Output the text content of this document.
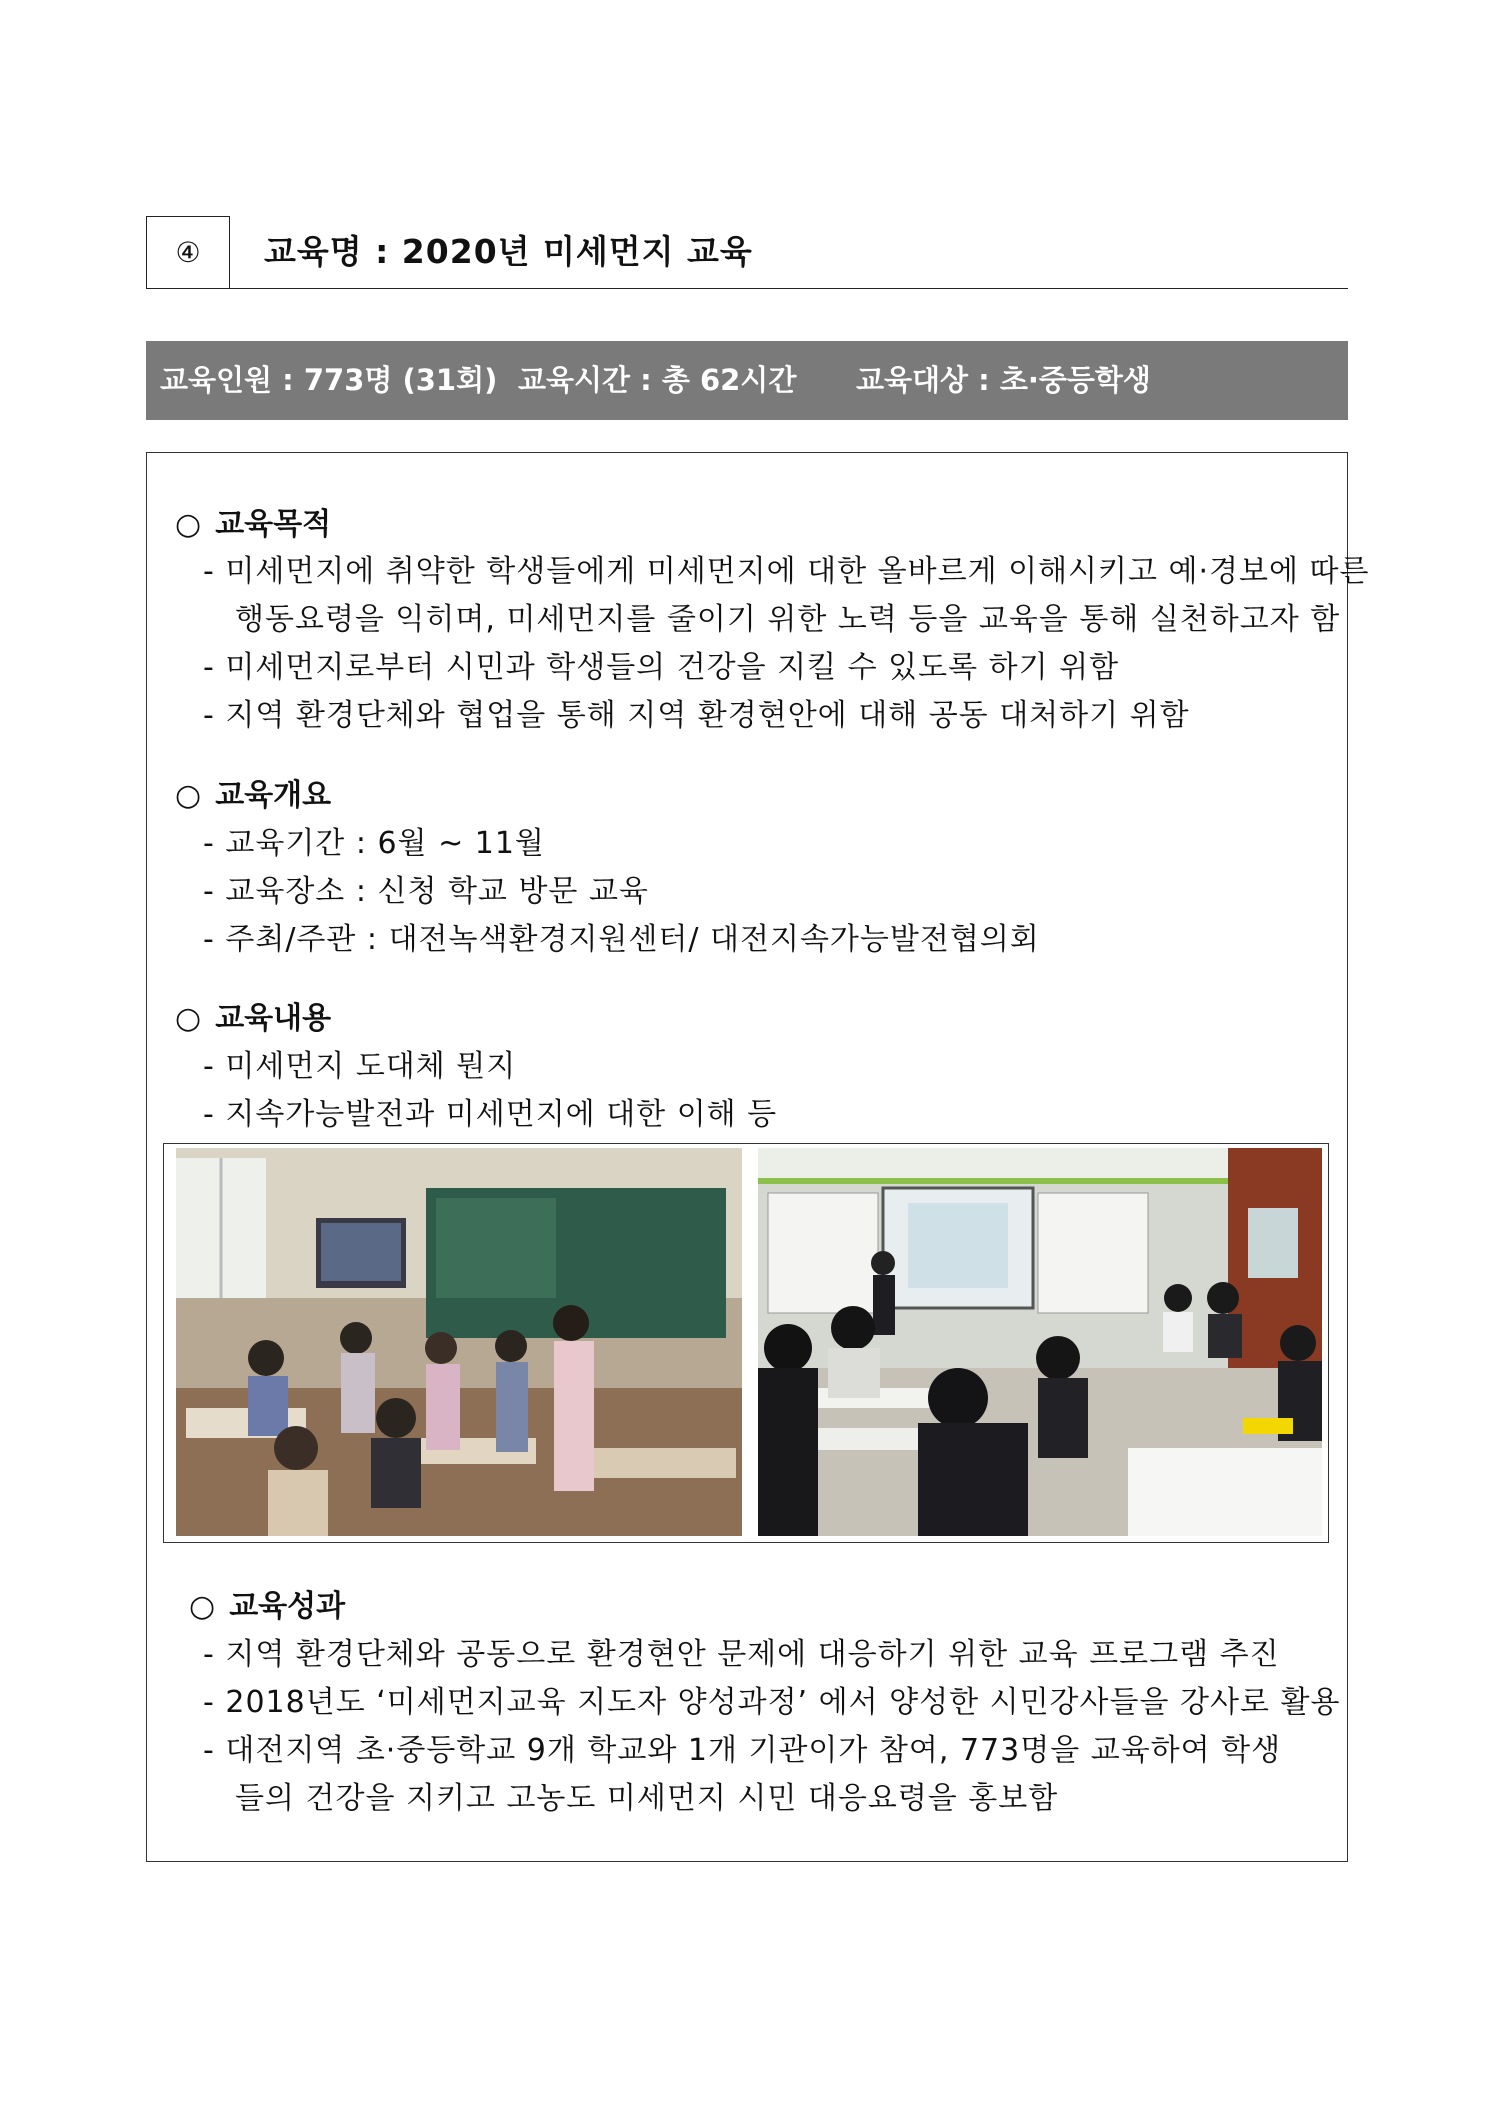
④	교육명 : 2020년 미세먼지 교육
교육인원 : 773명 (31회) 교육시간 : 총 62시간 교육대상 : 초·중등학생
○ 교육목적
- 미세먼지에 취약한 학생들에게 미세먼지에 대한 올바르게 이해시키고 예·경보에 따른
행동요령을 익히며, 미세먼지를 줄이기 위한 노력 등을 교육을 통해 실천하고자 함
- 미세먼지로부터 시민과 학생들의 건강을 지킬 수 있도록 하기 위함
- 지역 환경단체와 협업을 통해 지역 환경현안에 대해 공동 대처하기 위함
○ 교육개요
- 교육기간 : 6월 ~ 11월
- 교육장소 : 신청 학교 방문 교육
- 주최/주관 : 대전녹색환경지원센터/ 대전지속가능발전협의회
○ 교육내용
- 미세먼지 도대체 뭔지
- 지속가능발전과 미세먼지에 대한 이해 등
○ 교육성과
- 지역 환경단체와 공동으로 환경현안 문제에 대응하기 위한 교육 프로그램 추진
- 2018년도 ‘미세먼지교육 지도자 양성과정’ 에서 양성한 시민강사들을 강사로 활용
- 대전지역 초·중등학교 9개 학교와 1개 기관이가 참여, 773명을 교육하여 학생
들의 건강을 지키고 고농도 미세먼지 시민 대응요령을 홍보함
